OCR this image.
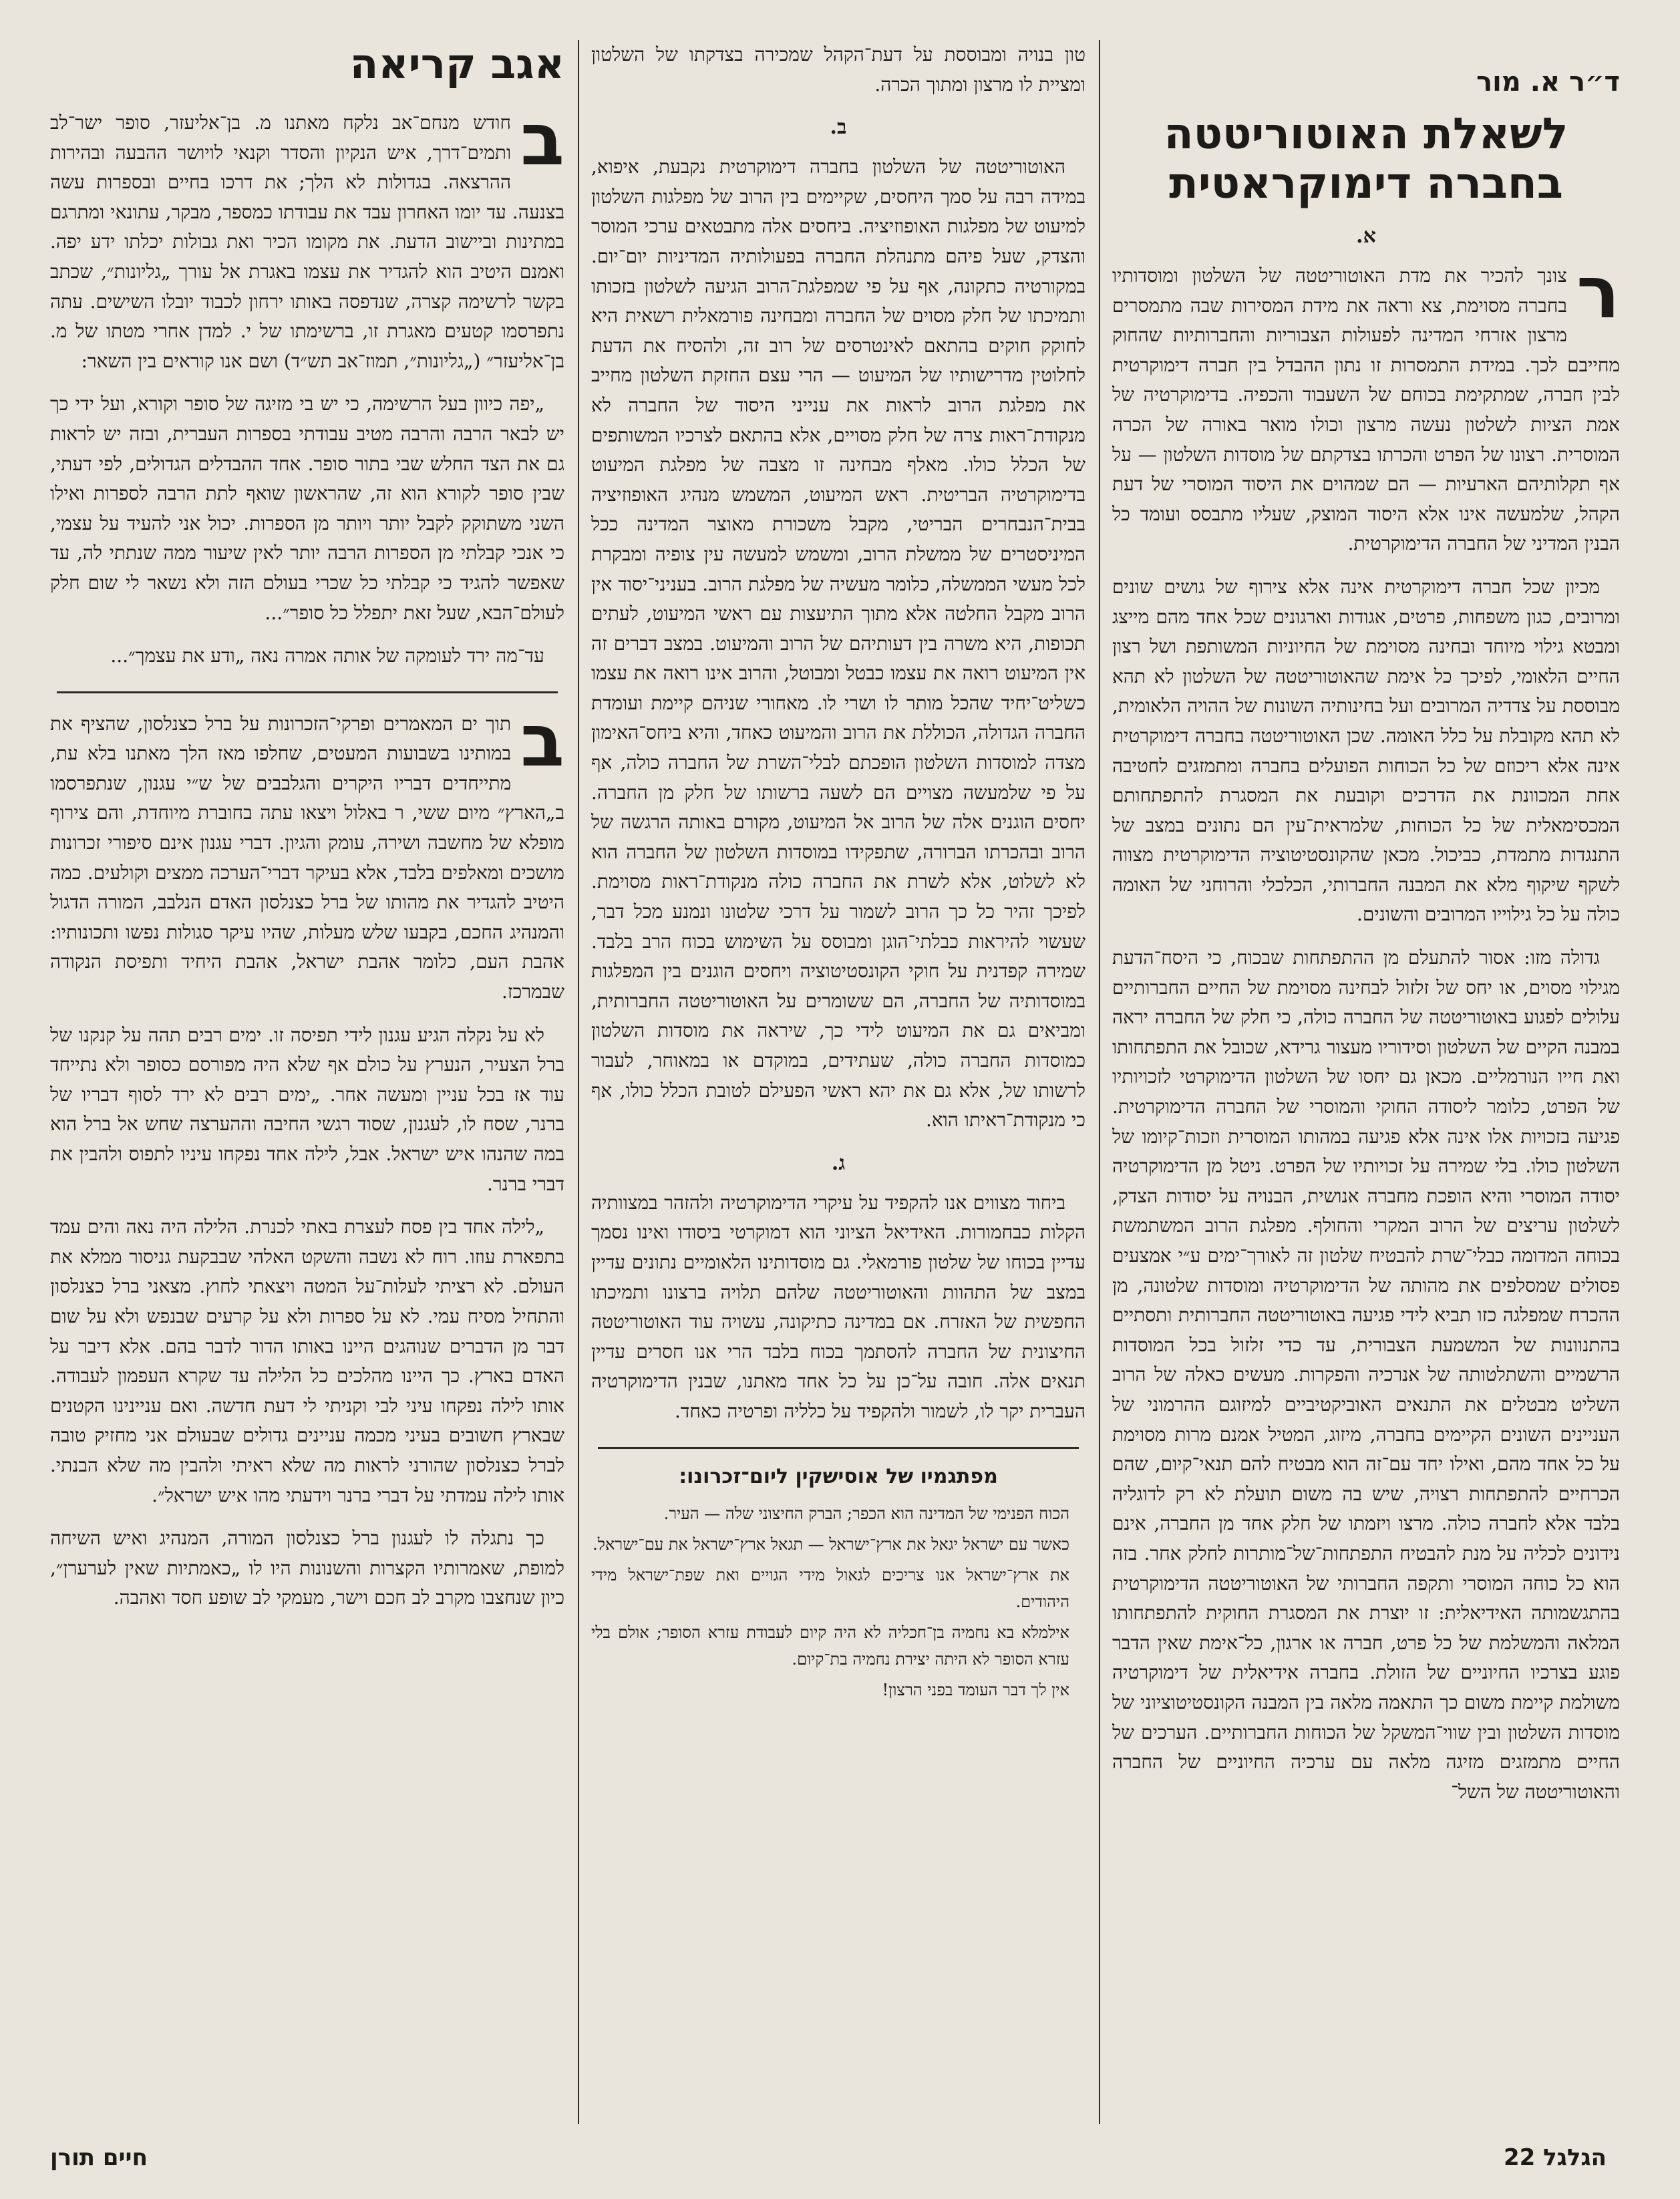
ד״ר א. מור
לשאלת האוטוריטטה בחברה דימוקראטית
א.

ר
צונך להכיר את מדת האוטוריטטה של השלטון ומוסדותיו בחברה מסוימת, צא וראה את מידת המסירות שבה מתמסרים מרצון אזרחי המדינה לפעולות הצבוריות והחברותיות שהחוק מחייבם לכך. במידת התמסרות זו נתון ההבדל בין חברה דימוקרטית לבין חברה, שמתקימת בכוחם של השעבוד והכפיה. בדימוקרטיה של אמת הציות לשלטון נעשה מרצון וכולו מואר באורה של הכרה המוסרית. רצונו של הפרט והכרתו בצדקתם של מוסדות השלטון — על אף תקלותיהם הארעיות — הם שמהוים את היסוד המוסרי של דעת הקהל, שלמעשה אינו אלא היסוד המוצק, שעליו מתבסס ועומד כל הבנין המדיני של החברה הדימוקרטית.

מכיון שכל חברה דימוקרטית אינה אלא צירוף של גושים שונים ומרובים, כגון משפחות, פרטים, אגודות וארגונים שכל אחד מהם מייצג ומבטא גילוי מיוחד ובחינה מסוימת של החיוניות המשותפת ושל רצון החיים הלאומי, לפיכך כל אימת שהאוטוריטטה של השלטון לא תהא מבוססת על צדדיה המרובים ועל בחינותיה השונות של ההויה הלאומית, לא תהא מקובלת על כלל האומה. שכן האוטוריטטה בחברה דימוקרטית אינה אלא ריכוזם של כל הכוחות הפועלים בחברה ומתמזגים לחטיבה אחת המכוונת את הדרכים וקובעת את המסגרת להתפתחותם המכסימאלית של כל הכוחות, שלמראית־עין הם נתונים במצב של התנגדות מתמדת, כביכול. מכאן שהקונסטיטוציה הדימוקרטית מצווה לשקף שיקוף מלא את המבנה החברותי, הכלכלי והרוחני של האומה כולה על כל גילוייו המרובים והשונים.

גדולה מזו: אסור להתעלם מן ההתפתחות שבכוח, כי היסח־הדעת מגילוי מסוים, או יחס של זלזול לבחינה מסוימת של החיים החברותיים עלולים לפגוע באוטוריטטה של החברה כולה, כי חלק של החברה יראה במבנה הקיים של השלטון וסידוריו מעצור גרידא, שכובל את התפתחותו ואת חייו הנורמליים. מכאן גם יחסו של השלטון הדימוקרטי לזכויותיו של הפרט, כלומר ליסודה החוקי והמוסרי של החברה הדימוקרטית. פגיעה בזכויות אלו אינה אלא פגיעה במהותו המוסרית וזכות־קיומו של השלטון כולו. בלי שמירה על זכויותיו של הפרט. ניטל מן הדימוקרטיה יסודה המוסרי והיא הופכת מחברה אנושית, הבנויה על יסודות הצדק, לשלטון עריצים של הרוב המקרי והחולף. מפלגת הרוב המשתמשת בכוחה המדומה כבלי־שרת להבטיח שלטון זה לאורך־ימים ע״י אמצעים פסולים שמסלפים את מהותה של הדימוקרטיה ומוסדות שלטונה, מן ההכרח שמפלגה כזו תביא לידי פגיעה באוטוריטטה החברותית ותסתיים בהתנוונות של המשמעת הצבורית, עד כדי זלזול בכל המוסדות הרשמיים והשתלטותה של אנרכיה והפקרות. מעשים כאלה של הרוב השליט מבטלים את התנאים האוביקטיביים למיזוגם ההרמוני של העניינים השונים הקיימים בחברה, מיזוג, המטיל אמנם מרות מסוימת על כל אחד מהם, ואילו יחד עם־זה הוא מבטיח להם תנאי־קיום, שהם הכרחיים להתפתחות רצויה, שיש בה משום תועלת לא רק לדוגליה בלבד אלא לחברה כולה. מרצו ויזמתו של חלק אחד מן החברה, אינם נידונים לכליה על מנת להבטיח התפתחות־של־מותרות לחלק אחר. בזה הוא כל כוחה המוסרי ותקפה החברותי של האוטוריטטה הדימוקרטית בהתגשמותה האידיאלית: זו יוצרת את המסגרת החוקית להתפתחותו המלאה והמשלמת של כל פרט, חברה או ארגון, כל־אימת שאין הדבר פוגע בצרכיו החיוניים של הזולת. בחברה אידיאלית של דימוקרטיה משולמת קיימת משום כך התאמה מלאה בין המבנה הקונסטיטוציוני של מוסדות השלטון ובין שווי־המשקל של הכוחות החברותיים. הערכים של החיים מתמזגים מזיגה מלאה עם ערכיה החיוניים של החברה והאוטוריטטה של השל־

טון בנויה ומבוססת על דעת־הקהל שמכירה בצדקתו של השלטון ומציית לו מרצון ומתוך הכרה.

ב.

האוטוריטטה של השלטון בחברה דימוקרטית נקבעת, איפוא, במידה רבה על סמך היחסים, שקיימים בין הרוב של מפלגות השלטון למיעוט של מפלגות האופוזיציה. ביחסים אלה מתבטאים ערכי המוסר והצדק, שעל פיהם מתנהלת החברה בפעולותיה המדיניות יום־יום. במקורטיה כתקונה, אף על פי שמפלגת־הרוב הגיעה לשלטון בזכותו ותמיכתו של חלק מסוים של החברה ומבחינה פורמאלית רשאית היא לחוקק חוקים בהתאם לאינטרסים של רוב זה, ולהסיח את הדעת לחלוטין מדרישותיו של המיעוט — הרי עצם החזקת השלטון מחייב את מפלגת הרוב לראות את ענייני היסוד של החברה לא מנקודת־ראות צרה של חלק מסויים, אלא בהתאם לצרכיו המשותפים של הכלל כולו. מאלף מבחינה זו מצבה של מפלגת המיעוט בדימוקרטיה הבריטית. ראש המיעוט, המשמש מנהיג האופוזיציה בבית־הנבחרים הבריטי, מקבל משכורת מאוצר המדינה ככל המיניסטרים של ממשלת הרוב, ומשמש למעשה עין צופיה ומבקרת לכל מעשי הממשלה, כלומר מעשיה של מפלגת הרוב. בעניני־יסוד אין הרוב מקבל החלטה אלא מתוך התיעצות עם ראשי המיעוט, לעתים תכופות, היא משרה בין דעותיהם של הרוב והמיעוט. במצב דברים זה אין המיעוט רואה את עצמו כבטל ומבוטל, והרוב אינו רואה את עצמו כשליט־יחיד שהכל מותר לו ושרי לו. מאחורי שניהם קיימת ועומדת החברה הגדולה, הכוללת את הרוב והמיעוט כאחד, והיא ביחס־האימון מצדה למוסדות השלטון הופכתם לבלי־השרת של החברה כולה, אף על פי שלמעשה מצויים הם לשעה ברשותו של חלק מן החברה. יחסים הוגנים אלה של הרוב אל המיעוט, מקורם באותה הרגשה של הרוב ובהכרתו הברורה, שתפקידו במוסדות השלטון של החברה הוא לא לשלוט, אלא לשרת את החברה כולה מנקודת־ראות מסוימת. לפיכך זהיר כל כך הרוב לשמור על דרכי שלטונו ונמנע מכל דבר, שעשוי להיראות כבלתי־הוגן ומבוסס על השימוש בכוח הרב בלבד. שמירה קפדנית על חוקי הקונסטיטוציה ויחסים הוגנים בין המפלגות במוסדותיה של החברה, הם ששומרים על האוטוריטטה החברותית, ומביאים גם את המיעוט לידי כך, שיראה את מוסדות השלטון כמוסדות החברה כולה, שעתידים, במוקדם או במאוחר, לעבור לרשותו של, אלא גם את יהא ראשי הפעילם לטובת הכלל כולו, אף כי מנקודת־ראיתו הוא.

ג.

ביחוד מצווים אנו להקפיד על עיקרי הדימוקרטיה ולהזהר במצוותיה הקלות כבחמורות. האידיאל הציוני הוא דמוקרטי ביסודו ואינו נסמך עדיין בכוחו של שלטון פורמאלי. גם מוסדותינו הלאומיים נתונים עדיין במצב של התהוות והאוטוריטטה שלהם תלויה ברצונו ותמיכתו החפשית של האזרח. אם במדינה כתיקונה, עשויה עוד האוטוריטטה החיצונית של החברה להסתמך בכוח בלבד הרי אנו חסרים עדיין תנאים אלה. חובה על־כן על כל אחד מאתנו, שבנין הדימוקרטיה העברית יקר לו, לשמור ולהקפיד על כלליה ופרטיה כאחד.

מפתגמיו של אוסישקין ליום־זכרונו:

הכוח הפנימי של המדינה הוא הכפר; הברק החיצוני שלה — העיר.

כאשר עם ישראל יגאל את ארץ־ישראל — תגאל ארץ־ישראל את עם־ישראל.

את ארץ־ישראל אנו צריכים לגאול מידי הגויים ואת שפת־ישראל מידי היהודים.

אילמלא בא נחמיה בן־חכליה לא היה קיום לעבודת עזרא הסופר; אולם בלי עזרא הסופר לא היתה יצירת נחמיה בת־קיום.

אין לך דבר העומד בפני הרצון!

אגב קריאה

ב
חודש מנחם־אב נלקח מאתנו מ. בן־אליעזר, סופר ישר־לב ותמים־דרך, איש הנקיון והסדר וקנאי לויושר ההבעה ובהירות ההרצאה. בגדולות לא הלך; את דרכו בחיים ובספרות עשה בצנעה. עד יומו האחרון עבד את עבודתו כמספר, מבקר, עתונאי ומתרגם במתינות וביישוב הדעת. את מקומו הכיר ואת גבולות יכלתו ידע יפה. ואמנם היטיב הוא להגדיר את עצמו באגרת אל עורך „גליונות״, שכתב בקשר לרשימה קצרה, שנדפסה באותו ירחון לכבוד יובלו השישים. עתה נתפרסמו קטעים מאגרת זו, ברשימתו של י. למדן אחרי מטתו של מ. בן־אליעזר״ („גליונות״, תמוז־אב תש״ד) ושם אנו קוראים בין השאר:

„יפה כיוון בעל הרשימה, כי יש בי מזיגה של סופר וקורא, ועל ידי כך יש לבאר הרבה והרבה מטיב עבודתי בספרות העברית, ובזה יש לראות גם את הצד החלש שבי בתור סופר. אחד ההבדלים הגדולים, לפי דעתי, שבין סופר לקורא הוא זה, שהראשון שואף לתת הרבה לספרות ואילו השני משתוקק לקבל יותר ויותר מן הספרות. יכול אני להעיד על עצמי, כי אנכי קבלתי מן הספרות הרבה יותר לאין שיעור ממה שנתתי לה, עד שאפשר להגיד כי קבלתי כל שכרי בעולם הזה ולא נשאר לי שום חלק לעולם־הבא, שעל זאת יתפלל כל סופר״...

עד־מה ירד לעומקה של אותה אמרה נאה „ודע את עצמך״...

ב
תוך ים המאמרים ופרקי־הזכרונות על ברל כצנלסון, שהציף את במותינו בשבועות המעטים, שחלפו מאז הלך מאתנו בלא עת, מתייחדים דבריו היקרים והגלבבים של ש״י עגנון, שנתפרסמו ב„הארץ״ מיום ששי, ר באלול ויצאו עתה בחוברת מיוחדת, והם צירוף מופלא של מחשבה ושירה, עומק והגיון. דברי עגנון אינם סיפורי זכרונות מושכים ומאלפים בלבד, אלא בעיקר דברי־הערכה ממצים וקולעים. כמה היטיב להגדיר את מהותו של ברל כצנלסון האדם הנלבב, המורה הדגול והמנהיג החכם, בקבעו שלש מעלות, שהיו עיקר סגולות נפשו ותכונותיו: אהבת העם, כלומר אהבת ישראל, אהבת היחיד ותפיסת הנקודה שבמרכז.

לא על נקלה הגיע עגנון לידי תפיסה זו. ימים רבים תהה על קנקנו של ברל הצעיר, הנערץ על כולם אף שלא היה מפורסם כסופר ולא נתייחד עוד אז בכל עניין ומעשה אחר. „ימים רבים לא ירד לסוף דבריו של ברנר, שסח לו, לעגנון, שסוד רגשי החיבה וההערצה שחש אל ברל הוא במה שהנהו איש ישראל. אבל, לילה אחד נפקחו עיניו לתפוס ולהבין את דברי ברנר.

„לילה אחד בין פסח לעצרת באתי לכנרת. הלילה היה נאה והים עמד בתפארת עוזו. רוח לא נשבה והשקט האלהי שבבקעת גניסור ממלא את העולם. לא רציתי לעלות־על המטה ויצאתי לחוץ. מצאני ברל כצנלסון והתחיל מסיח עמי. לא על ספרות ולא על קרעים שבנפש ולא על שום דבר מן הדברים שנוהגים היינו באותו הדור לדבר בהם. אלא דיבר על האדם בארץ. כך היינו מהלכים כל הלילה עד שקרא העפמון לעבודה. אותו לילה נפקחו עיני לבי וקניתי לי דעת חדשה. ואם עניינינו הקטנים שבארץ חשובים בעיני מכמה עניינים גדולים שבעולם אני מחזיק טובה לברל כצנלסון שהורני לראות מה שלא ראיתי ולהבין מה שלא הבנתי. אותו לילה עמדתי על דברי ברנר וידעתי מהו איש ישראל״.

כך נתגלה לו לעגנון ברל כצנלסון המורה, המנהיג ואיש השיחה למופת, שאמרותיו הקצרות והשנונות היו לו „כאמתיות שאין לערערן״, כיון שנחצבו מקרב לב חכם וישר, מעמקי לב שופע חסד ואהבה.

הגלגל 22
חיים תורן
